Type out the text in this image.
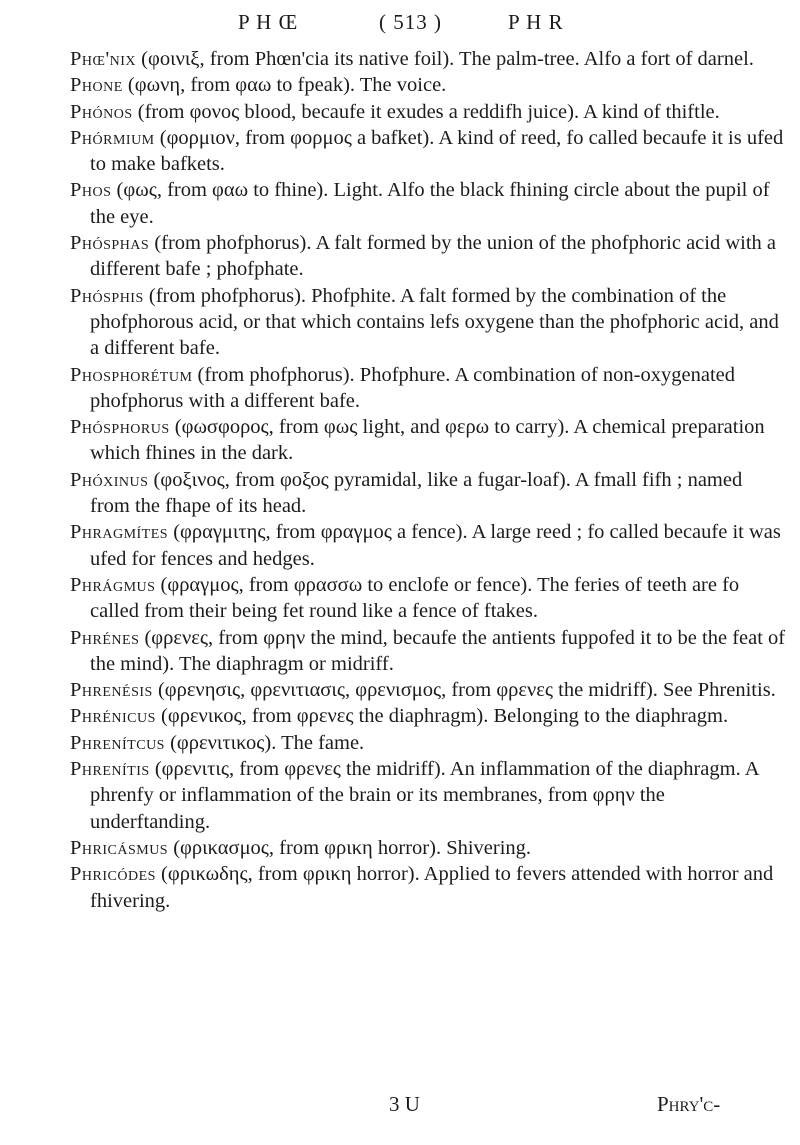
P H Œ	( 513 )	P H R

Phœ'nix (φοινιξ, from Phœn'cia its native foil). The palm-tree. Alfo a fort of darnel.

Phone (φωνη, from φαω to fpeak). The voice.

Phónos (from φονος blood, becaufe it exudes a reddifh juice). A kind of thiftle.

Phórmium (φορμιον, from φορμος a bafket). A kind of reed, fo called becaufe it is ufed to make bafkets.

Phos (φως, from φαω to fhine). Light. Alfo the black fhining circle about the pupil of the eye.

Phósphas (from phofphorus). A falt formed by the union of the phofphoric acid with a different bafe ; phofphate.

Phósphis (from phofphorus). Phofphite. A falt formed by the combination of the phofphorous acid, or that which contains lefs oxygene than the phofphoric acid, and a different bafe.

Phosphorétum (from phofphorus). Phofphure. A combination of non-oxygenated phofphorus with a different bafe.

Phósphorus (φωσφορος, from φως light, and φερω to carry). A chemical preparation which fhines in the dark.

Phóxinus (φοξινος, from φοξος pyramidal, like a fugar-loaf). A fmall fifh ; named from the fhape of its head.

Phragmítes (φραγμιτης, from φραγμος a fence). A large reed ; fo called becaufe it was ufed for fences and hedges.

Phrágmus (φραγμος, from φρασσω to enclofe or fence). The feries of teeth are fo called from their being fet round like a fence of ftakes.

Phrénes (φρενες, from φρην the mind, becaufe the antients fuppofed it to be the feat of the mind). The diaphragm or midriff.

Phrenésis (φρενησις, φρενιτιασις, φρενισμος, from φρενες the midriff). See Phrenitis.

Phrénicus (φρενικος, from φρενες the diaphragm). Belonging to the diaphragm.

Phrenítcus (φρενιτικος). The fame.

Phrenítis (φρενιτις, from φρενες the midriff). An inflammation of the diaphragm. A phrenfy or inflammation of the brain or its membranes, from φρην the underftanding.

Phricásmus (φρικασμος, from φρικη horror). Shivering.

Phricódes (φρικωδης, from φρικη horror). Applied to fevers attended with horror and fhivering.

3 U	Phry'c-
